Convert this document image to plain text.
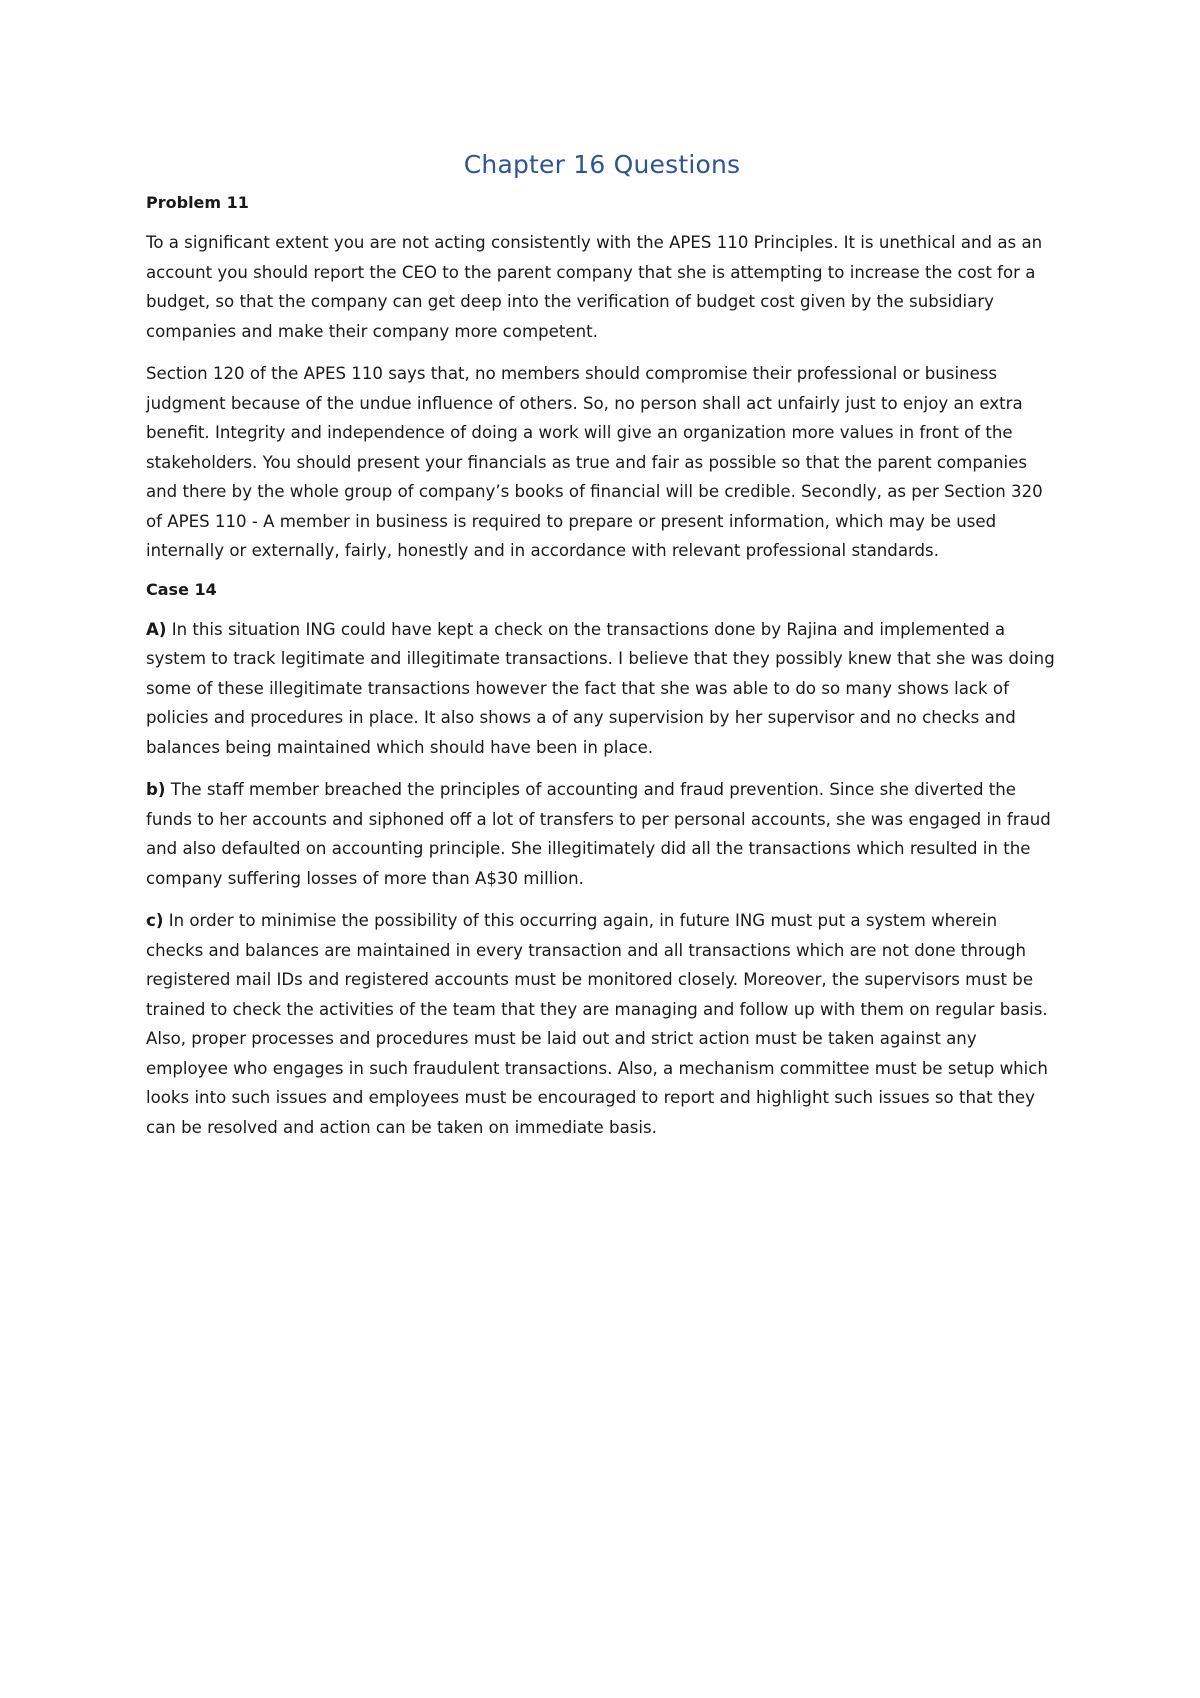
Chapter 16 Questions
Problem 11

To a significant extent you are not acting consistently with the APES 110 Principles. It is unethical and as an account you should report the CEO to the parent company that she is attempting to increase the cost for a budget, so that the company can get deep into the verification of budget cost given by the subsidiary companies and make their company more competent.

Section 120 of the APES 110 says that, no members should compromise their professional or business judgment because of the undue influence of others. So, no person shall act unfairly just to enjoy an extra benefit. Integrity and independence of doing a work will give an organization more values in front of the stakeholders. You should present your financials as true and fair as possible so that the parent companies and there by the whole group of company’s books of financial will be credible. Secondly, as per Section 320 of APES 110 - A member in business is required to prepare or present information, which may be used internally or externally, fairly, honestly and in accordance with relevant professional standards.

Case 14

A) In this situation ING could have kept a check on the transactions done by Rajina and implemented a system to track legitimate and illegitimate transactions. I believe that they possibly knew that she was doing some of these illegitimate transactions however the fact that she was able to do so many shows lack of policies and procedures in place. It also shows a of any supervision by her supervisor and no checks and balances being maintained which should have been in place.

b) The staff member breached the principles of accounting and fraud prevention. Since she diverted the funds to her accounts and siphoned off a lot of transfers to per personal accounts, she was engaged in fraud and also defaulted on accounting principle. She illegitimately did all the transactions which resulted in the company suffering losses of more than A$30 million.

c) In order to minimise the possibility of this occurring again, in future ING must put a system wherein checks and balances are maintained in every transaction and all transactions which are not done through registered mail IDs and registered accounts must be monitored closely. Moreover, the supervisors must be trained to check the activities of the team that they are managing and follow up with them on regular basis. Also, proper processes and procedures must be laid out and strict action must be taken against any employee who engages in such fraudulent transactions. Also, a mechanism committee must be setup which looks into such issues and employees must be encouraged to report and highlight such issues so that they can be resolved and action can be taken on immediate basis.
